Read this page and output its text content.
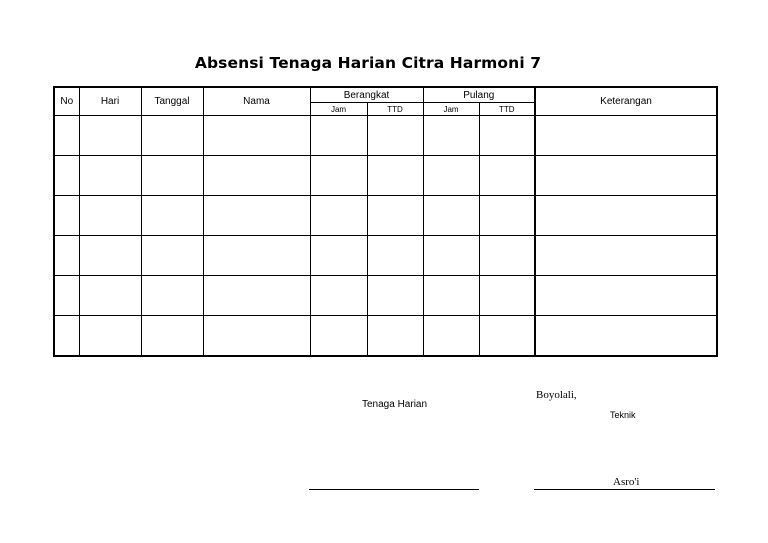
Absensi Tenaga Harian Citra Harmoni 7
No	Hari	Tanggal	Nama	Berangkat		Pulang		Keterangan
				Jam	TTD	Jam	TTD	

Tenaga Harian
Boyolali,
Teknik
Asro'i
